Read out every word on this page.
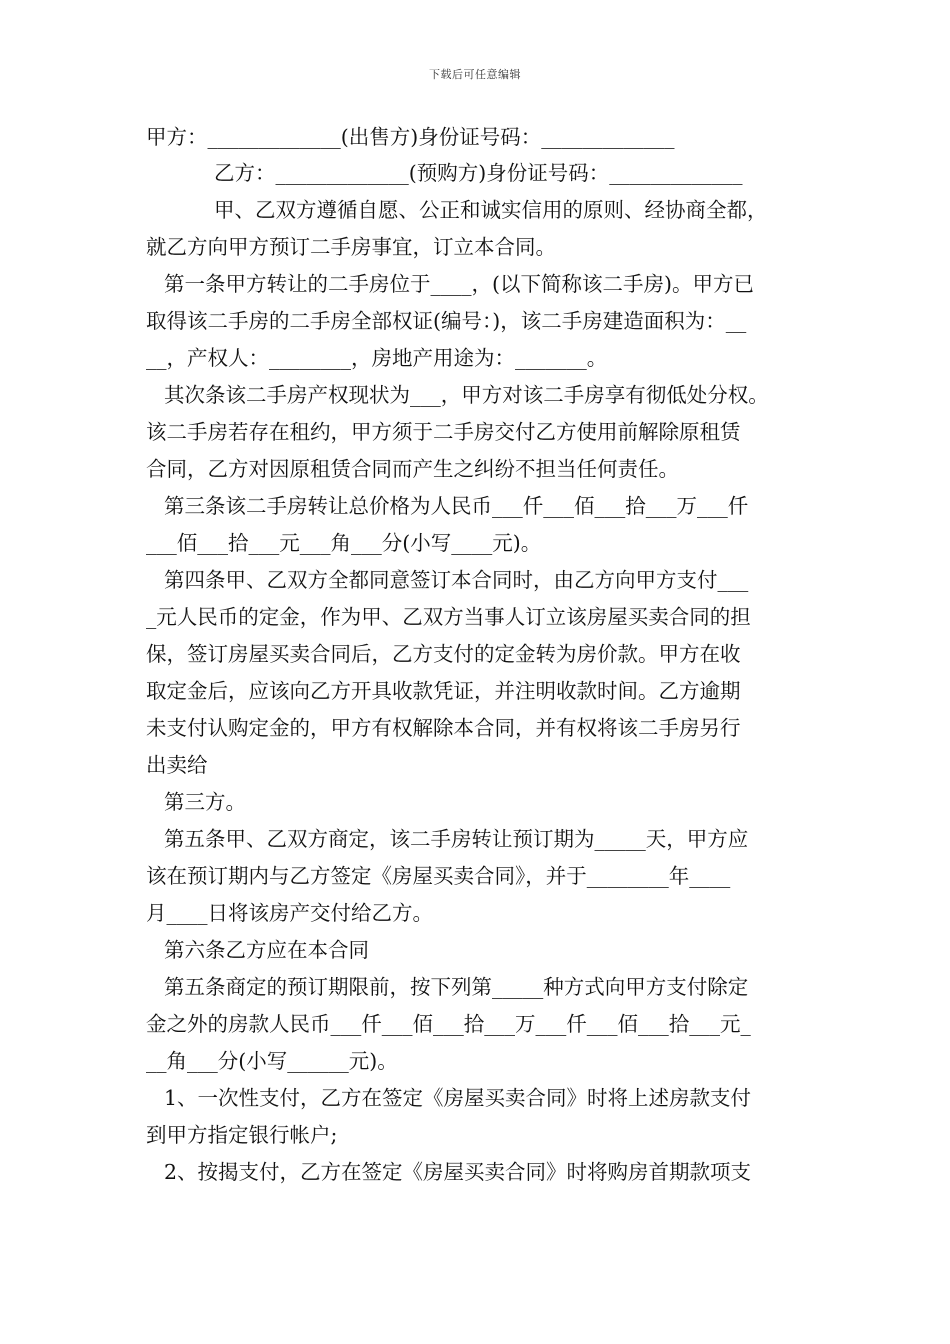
下载后可任意编辑
甲方：_____________(出售方)身份证号码：_____________
乙方：_____________(预购方)身份证号码：_____________
甲、乙双方遵循自愿、公正和诚实信用的原则、经协商全都，
就乙方向甲方预订二手房事宜，订立本合同。
第一条甲方转让的二手房位于____，(以下简称该二手房)。甲方已
取得该二手房的二手房全部权证(编号：)，该二手房建造面积为：__
__，产权人：________，房地产用途为：_______。
其次条该二手房产权现状为___，甲方对该二手房享有彻低处分权。
该二手房若存在租约，甲方须于二手房交付乙方使用前解除原租赁
合同，乙方对因原租赁合同而产生之纠纷不担当任何责任。
第三条该二手房转让总价格为人民币___仟___佰___拾___万___仟
___佰___拾___元___角___分(小写____元)。
第四条甲、乙双方全都同意签订本合同时，由乙方向甲方支付___
_元人民币的定金，作为甲、乙双方当事人订立该房屋买卖合同的担
保，签订房屋买卖合同后，乙方支付的定金转为房价款。甲方在收
取定金后，应该向乙方开具收款凭证，并注明收款时间。乙方逾期
未支付认购定金的，甲方有权解除本合同，并有权将该二手房另行
出卖给
第三方。
第五条甲、乙双方商定，该二手房转让预订期为_____天，甲方应
该在预订期内与乙方签定《房屋买卖合同》，并于________年____
月____日将该房产交付给乙方。
第六条乙方应在本合同
第五条商定的预订期限前，按下列第_____种方式向甲方支付除定
金之外的房款人民币___仟___佰___拾___万___仟___佰___拾___元_
__角___分(小写______元)。
1、一次性支付，乙方在签定《房屋买卖合同》时将上述房款支付
到甲方指定银行帐户;
2、按揭支付，乙方在签定《房屋买卖合同》时将购房首期款项支
